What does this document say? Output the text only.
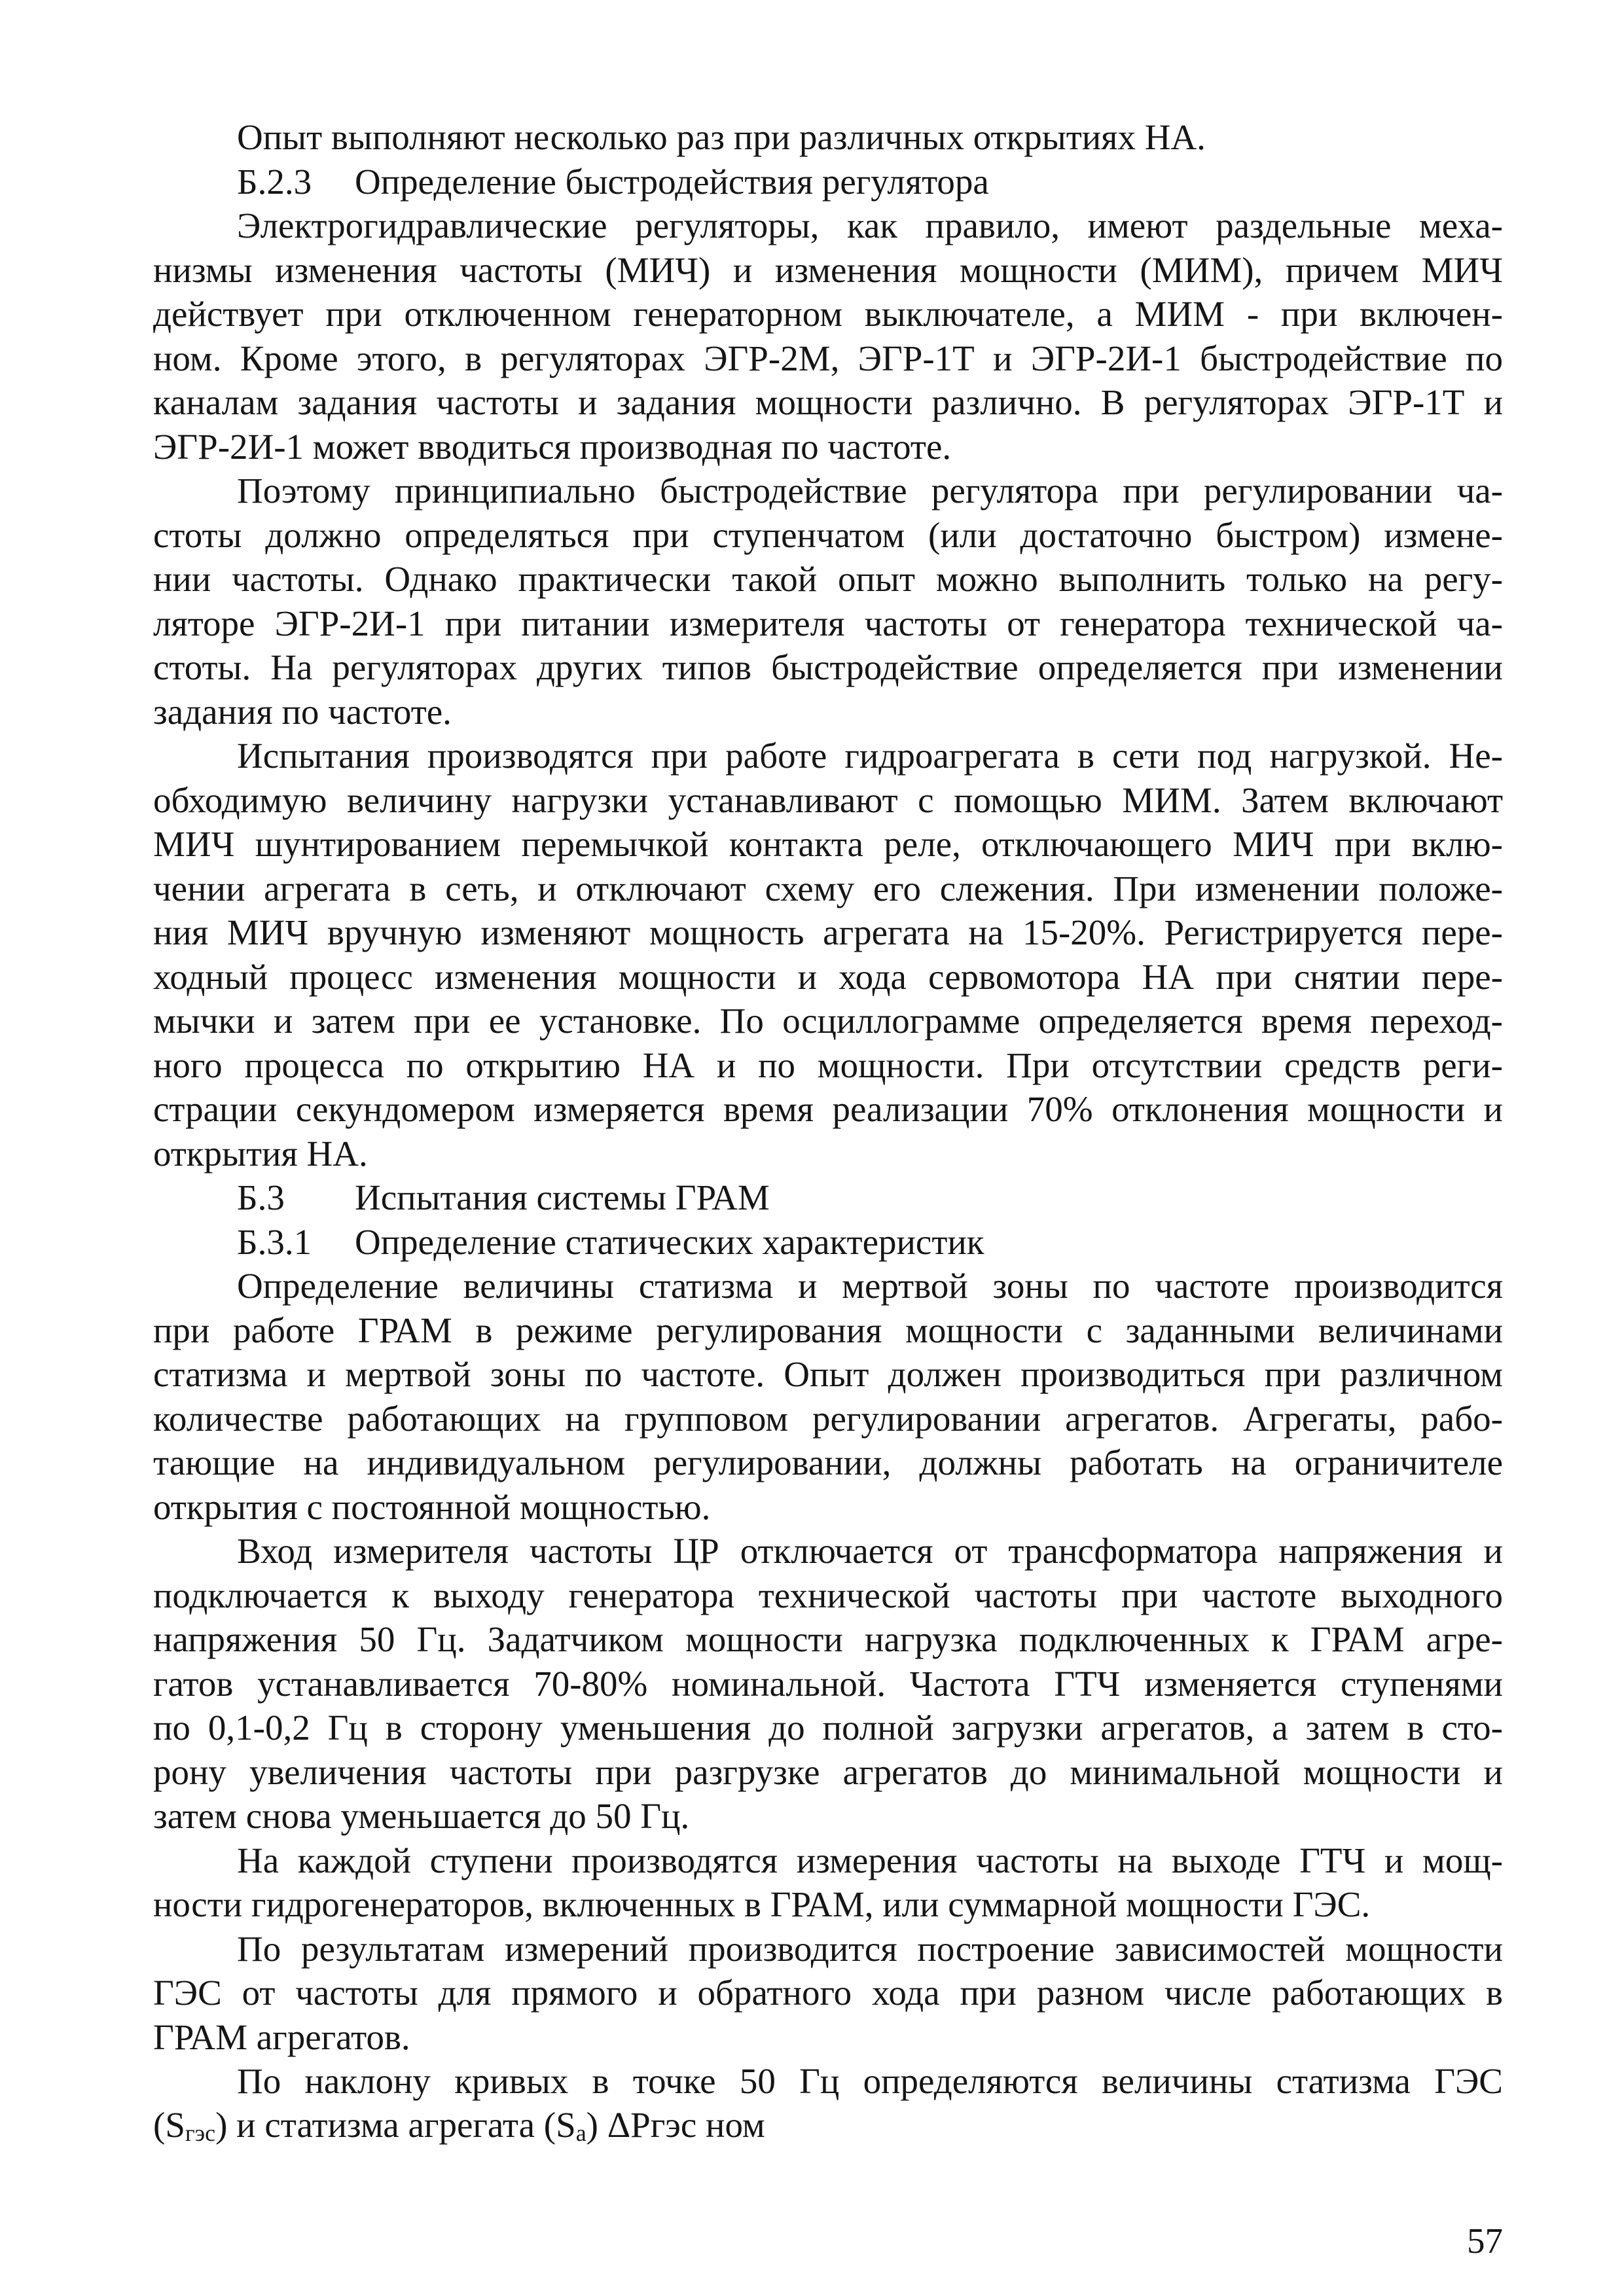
Опыт выполняют несколько раз при различных открытиях НА.
Б.2.3 Определение быстродействия регулятора
Электрогидравлические регуляторы, как правило, имеют раздельные меха-
низмы изменения частоты (МИЧ) и изменения мощности (МИМ), причем МИЧ
действует при отключенном генераторном выключателе, а МИМ - при включен-
ном. Кроме этого, в регуляторах ЭГР-2М, ЭГР-1Т и ЭГР-2И-1 быстродействие по
каналам задания частоты и задания мощности различно. В регуляторах ЭГР-1Т и
ЭГР-2И-1 может вводиться производная по частоте.
Поэтому принципиально быстродействие регулятора при регулировании ча-
стоты должно определяться при ступенчатом (или достаточно быстром) измене-
нии частоты. Однако практически такой опыт можно выполнить только на регу-
ляторе ЭГР-2И-1 при питании измерителя частоты от генератора технической ча-
стоты. На регуляторах других типов быстродействие определяется при изменении
задания по частоте.
Испытания производятся при работе гидроагрегата в сети под нагрузкой. Не-
обходимую величину нагрузки устанавливают с помощью МИМ. Затем включают
МИЧ шунтированием перемычкой контакта реле, отключающего МИЧ при вклю-
чении агрегата в сеть, и отключают схему его слежения. При изменении положе-
ния МИЧ вручную изменяют мощность агрегата на 15-20%. Регистрируется пере-
ходный процесс изменения мощности и хода сервомотора НА при снятии пере-
мычки и затем при ее установке. По осциллограмме определяется время переход-
ного процесса по открытию НА и по мощности. При отсутствии средств реги-
страции секундомером измеряется время реализации 70% отклонения мощности и
открытия НА.
Б.3 Испытания системы ГРАМ
Б.3.1 Определение статических характеристик
Определение величины статизма и мертвой зоны по частоте производится
при работе ГРАМ в режиме регулирования мощности с заданными величинами
статизма и мертвой зоны по частоте. Опыт должен производиться при различном
количестве работающих на групповом регулировании агрегатов. Агрегаты, рабо-
тающие на индивидуальном регулировании, должны работать на ограничителе
открытия с постоянной мощностью.
Вход измерителя частоты ЦР отключается от трансформатора напряжения и
подключается к выходу генератора технической частоты при частоте выходного
напряжения 50 Гц. Задатчиком мощности нагрузка подключенных к ГРАМ агре-
гатов устанавливается 70-80% номинальной. Частота ГТЧ изменяется ступенями
по 0,1-0,2 Гц в сторону уменьшения до полной загрузки агрегатов, а затем в сто-
рону увеличения частоты при разгрузке агрегатов до минимальной мощности и
затем снова уменьшается до 50 Гц.
На каждой ступени производятся измерения частоты на выходе ГТЧ и мощ-
ности гидрогенераторов, включенных в ГРАМ, или суммарной мощности ГЭС.
По результатам измерений производится построение зависимостей мощности
ГЭС от частоты для прямого и обратного хода при разном числе работающих в
ГРАМ агрегатов.
По наклону кривых в точке 50 Гц определяются величины статизма ГЭС
$(S_{гэс})$ и статизма агрегата $(S_а)$ ΔPгэс ном
57
